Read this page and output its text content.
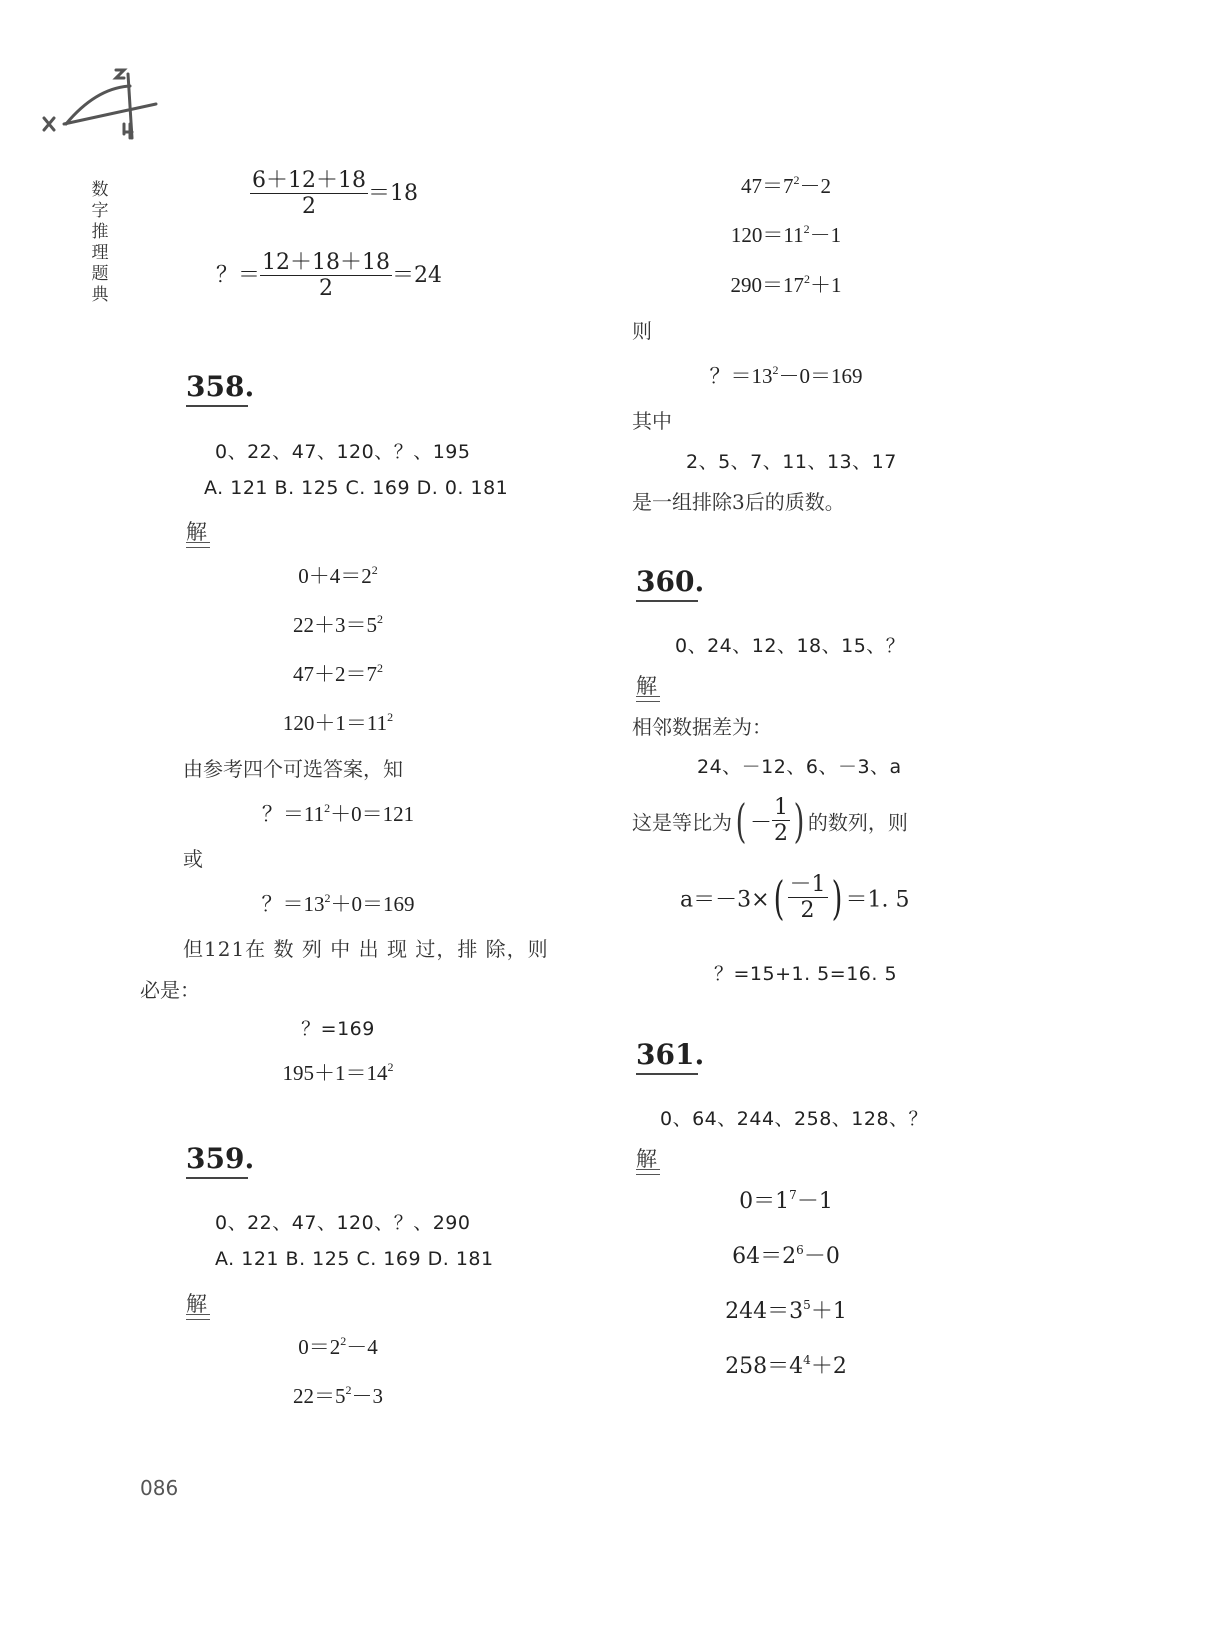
数字推理题典
$\frac{6+12+18}{2} =18$
？＝ $\frac{12+18+18}{2} =24$
358.
0、22、47、120、？、195
A. 121 B. 125 C. 169 D. 0. 181
解
$0+4=2^2$
$22+3=5^2$
$47+2=7^2$
$120+1=11^2$
由参考四个可选答案，知
？$=11^2+0=121$
或
？$=13^2+0=169$
但121在 数 列 中 出 现 过，排 除，则
必是：
？=169
$195+1=14^2$
359.
0、22、47、120、？、290
A. 121 B. 125 C. 169 D. 181
解
$0=2^2-4$
$22=5^2-3$
086
$47=7^2-2$
$120=11^2-1$
$290=17^2+1$
则
？$=13^2-0=169$
其中
2、5、7、11、13、17
是一组排除3后的质数。
360.
0、24、12、18、15、？
解
相邻数据差为：
24、－12、6、－3、a
这是等比为( － $\frac{1}{2}$ ) 的数列，则
$a=-3\times( \frac{-1}{2}$ ) ＝1. 5
？=15+1. 5=16. 5
361.
0、64、244、258、128、？
解
$0=1^7-1$
$64=2^6-0$
$244=3^5+1$
$258=4^4+2$
